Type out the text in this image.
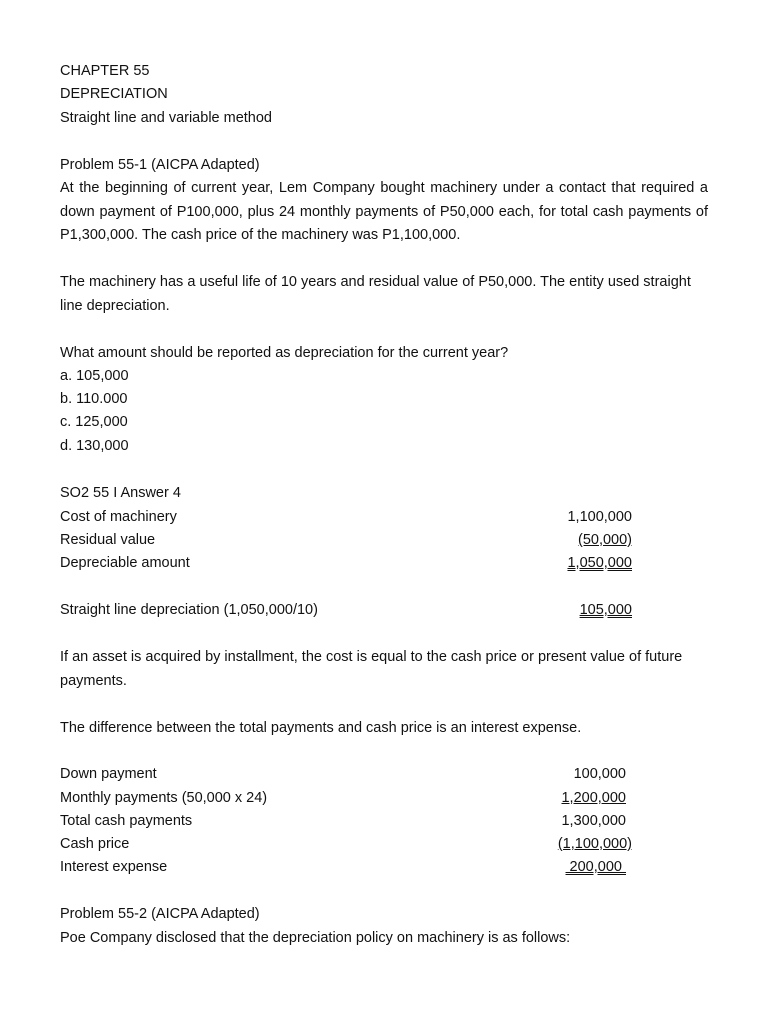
CHAPTER 55
DEPRECIATION
Straight line and variable method
Problem 55-1 (AICPA Adapted)
At the beginning of current year, Lem Company bought machinery under a contact that required a down payment of P100,000, plus 24 monthly payments of P50,000 each, for total cash payments of P1,300,000. The cash price of the machinery was P1,100,000.
The machinery has a useful life of 10 years and residual value of P50,000. The entity used straight line depreciation.
What amount should be reported as depreciation for the current year?
a. 105,000
b. 110.000
c. 125,000
d. 130,000
SO2 55 I Answer 4
Cost of machinery	1,100,000
Residual value	(50,000)
Depreciable amount	1,050,000
Straight line depreciation (1,050,000/10)	105,000
If an asset is acquired by installment, the cost is equal to the cash price or present value of future payments.
The difference between the total payments and cash price is an interest expense.
Down payment	100,000
Monthly payments (50,000 x 24)	1,200,000
Total cash payments	1,300,000
Cash price	(1,100,000)
Interest expense	200,000
Problem 55-2 (AICPA Adapted)
Poe Company disclosed that the depreciation policy on machinery is as follows:
